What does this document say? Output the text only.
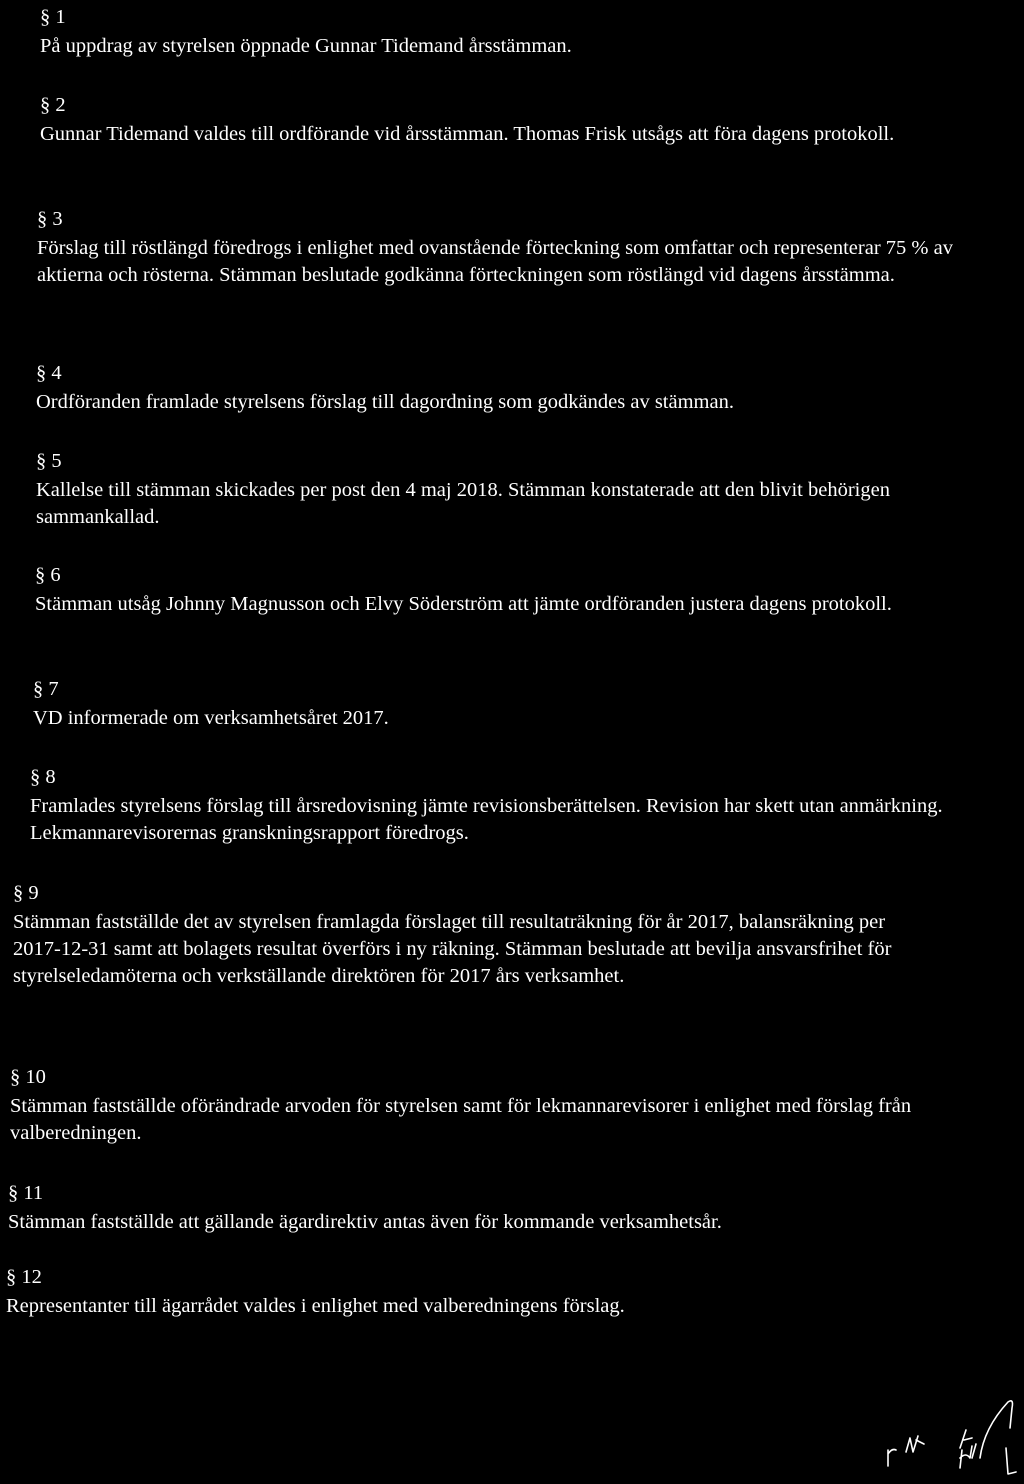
§ 1
På uppdrag av styrelsen öppnade Gunnar Tidemand årsstämman.
§ 2
Gunnar Tidemand valdes till ordförande vid årsstämman. Thomas Frisk utsågs att föra dagens protokoll.
§ 3
Förslag till röstlängd föredrogs i enlighet med ovanstående förteckning som omfattar och representerar 75 % av aktierna och rösterna. Stämman beslutade godkänna förteckningen som röstlängd vid dagens årsstämma.
§ 4
Ordföranden framlade styrelsens förslag till dagordning som godkändes av stämman.
§ 5
Kallelse till stämman skickades per post den 4 maj 2018. Stämman konstaterade att den blivit behörigen sammankallad.
§ 6
Stämman utsåg Johnny Magnusson och Elvy Söderström att jämte ordföranden justera dagens protokoll.
§ 7
VD informerade om verksamhetsåret 2017.
§ 8
Framlades styrelsens förslag till årsredovisning jämte revisionsberättelsen. Revision har skett utan anmärkning. Lekmannarevisorernas granskningsrapport föredrogs.
§ 9
Stämman fastställde det av styrelsen framlagda förslaget till resultaträkning för år 2017, balansräkning per 2017-12-31 samt att bolagets resultat överförs i ny räkning. Stämman beslutade att bevilja ansvarsfrihet för styrelseledamöterna och verkställande direktören för 2017 års verksamhet.
§ 10
Stämman fastställde oförändrade arvoden för styrelsen samt för lekmannarevisorer i enlighet med förslag från valberedningen.
§ 11
Stämman fastställde att gällande ägardirektiv antas även för kommande verksamhetsår.
§ 12
Representanter till ägarrådet valdes i enlighet med valberedningens förslag.
